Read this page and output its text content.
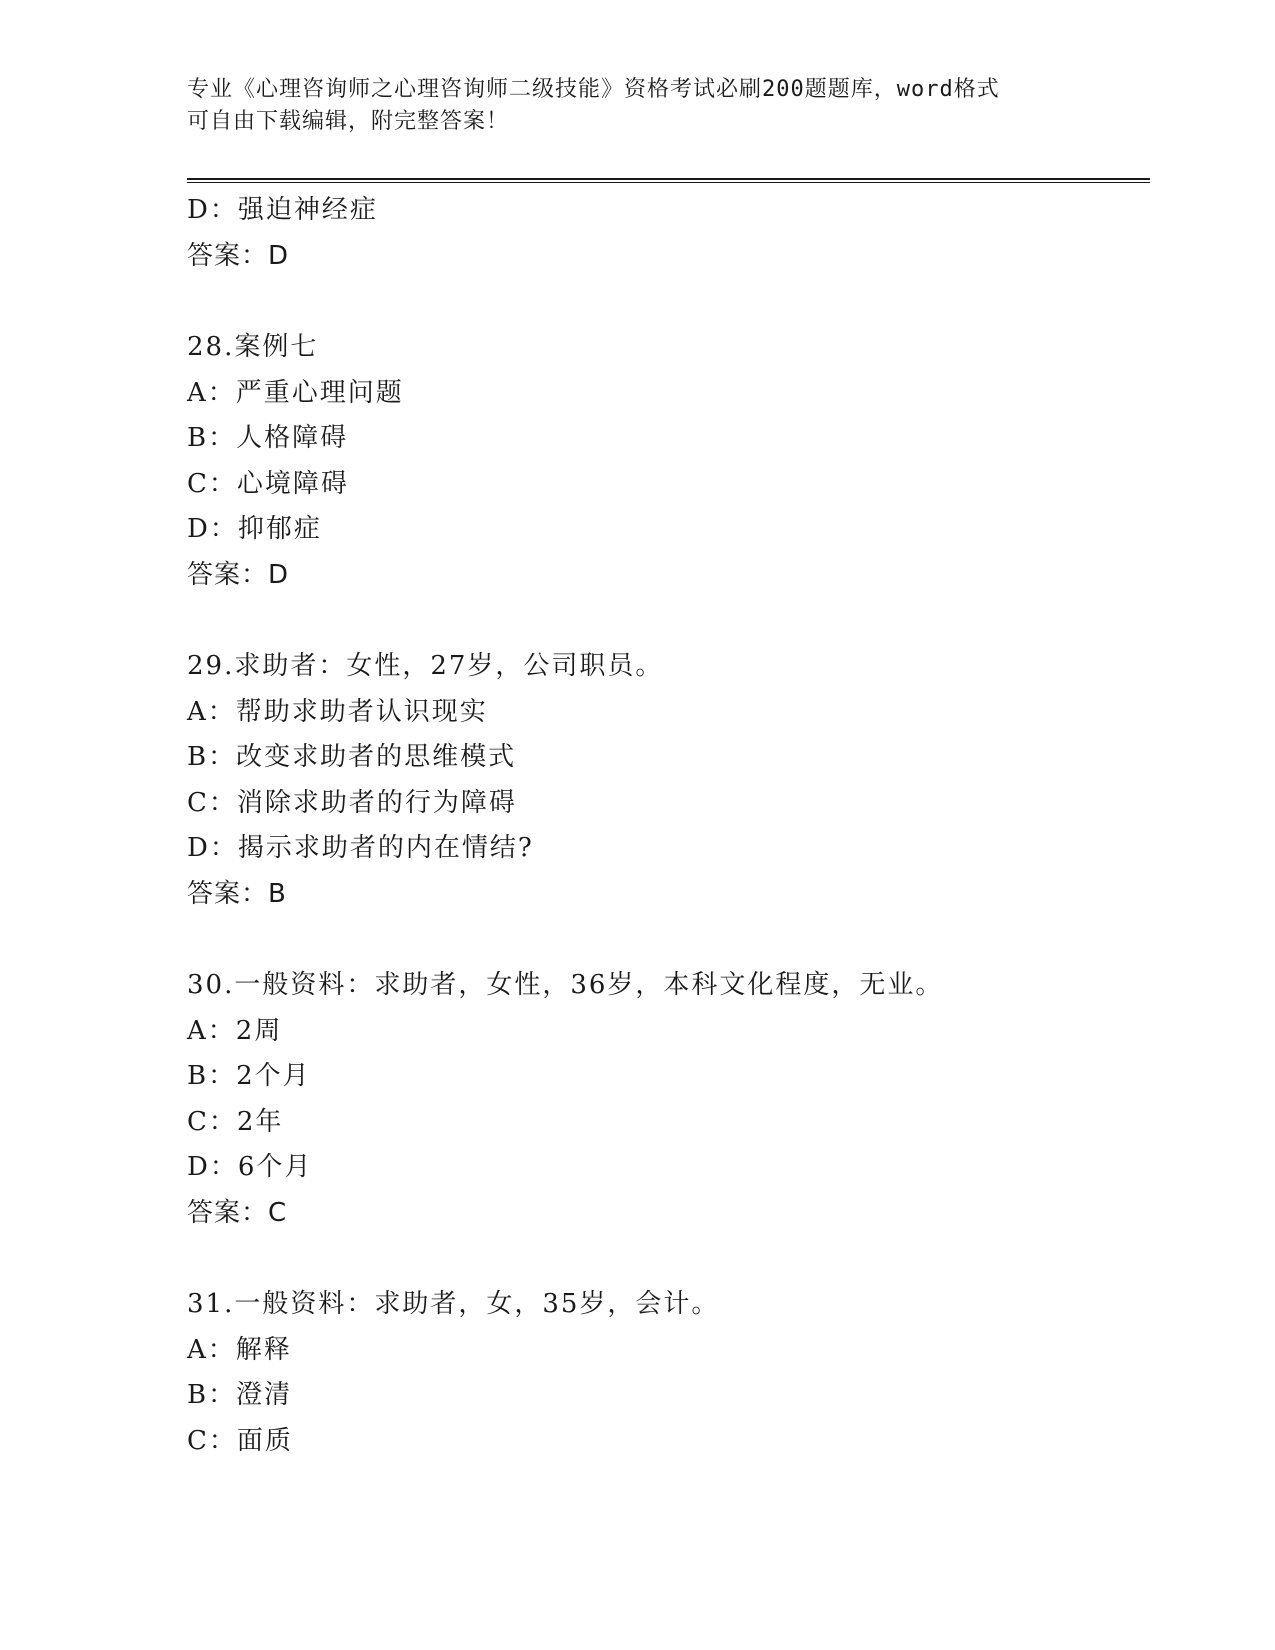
专业《心理咨询师之心理咨询师二级技能》资格考试必刷200题题库，word格式

可自由下载编辑，附完整答案！

D：强迫神经症
答案：D
28.案例七
A：严重心理问题
B：人格障碍
C：心境障碍
D：抑郁症
答案：D
29.求助者：女性，27岁，公司职员。
A：帮助求助者认识现实
B：改变求助者的思维模式
C：消除求助者的行为障碍
D：揭示求助者的内在情结?
答案：B
30.一般资料：求助者，女性，36岁，本科文化程度，无业。
A：2周
B：2个月
C：2年
D：6个月
答案：C
31.一般资料：求助者，女，35岁，会计。
A：解释
B：澄清
C：面质
